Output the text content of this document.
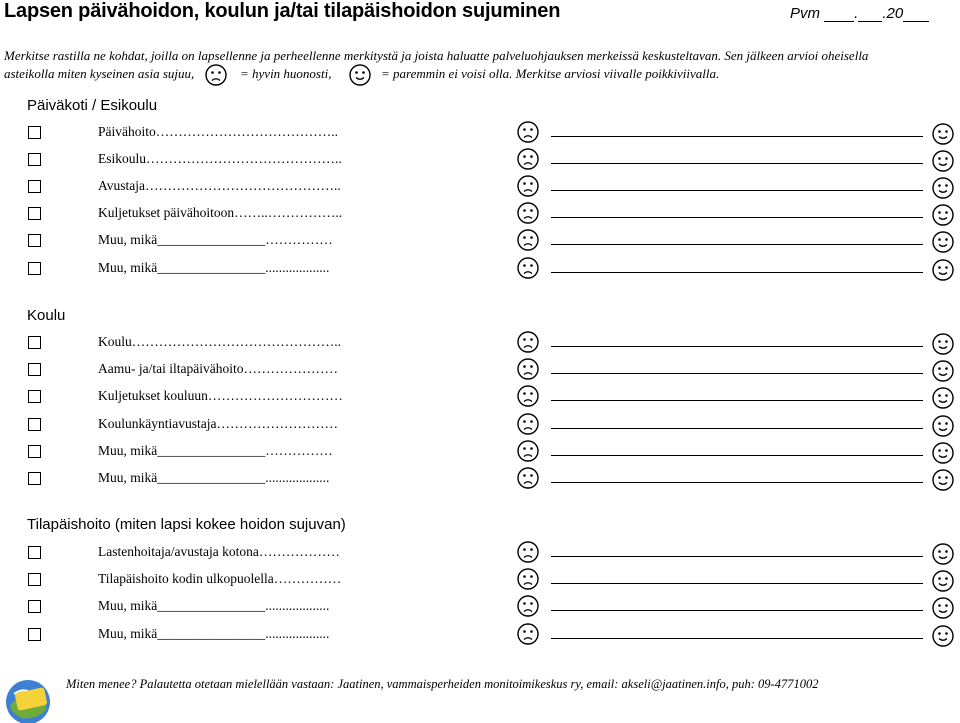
Lapsen päivähoidon, koulun ja/tai tilapäishoidon sujuminen	Pvm . .20
Merkitse rastilla ne kohdat, joilla on lapsellenne ja perheellenne merkitystä ja joista haluatte palveluohjauksen merkeissä keskusteltavan. Sen jälkeen arvioi oheisella
asteikolla miten kyseinen asia sujuu,	= hyvin huonosti,	= paremmin ei voisi olla. Merkitse arviosi viivalle poikkiviivalla.
Päiväkoti / Esikoulu
Päivähoito…………………………………..
Esikoulu……………………………………..
Avustaja……………………………………..
Kuljetukset päivähoitoon……..……………..
Muu, mikä________________……………
Muu, mikä________________...................
Koulu
Koulu………………………………………..
Aamu- ja/tai iltapäivähoito…………………
Kuljetukset kouluun…………………………
Koulunkäyntiavustaja………………………
Muu, mikä________________……………
Muu, mikä________________...................
Tilapäishoito (miten lapsi kokee hoidon sujuvan)
Lastenhoitaja/avustaja kotona………………
Tilapäishoito kodin ulkopuolella……………
Muu, mikä________________...................
Muu, mikä________________...................
Miten menee? Palautetta otetaan mielellään vastaan: Jaatinen, vammaisperheiden monitoimikeskus ry, email: akseli@jaatinen.info, puh: 09-4771002
